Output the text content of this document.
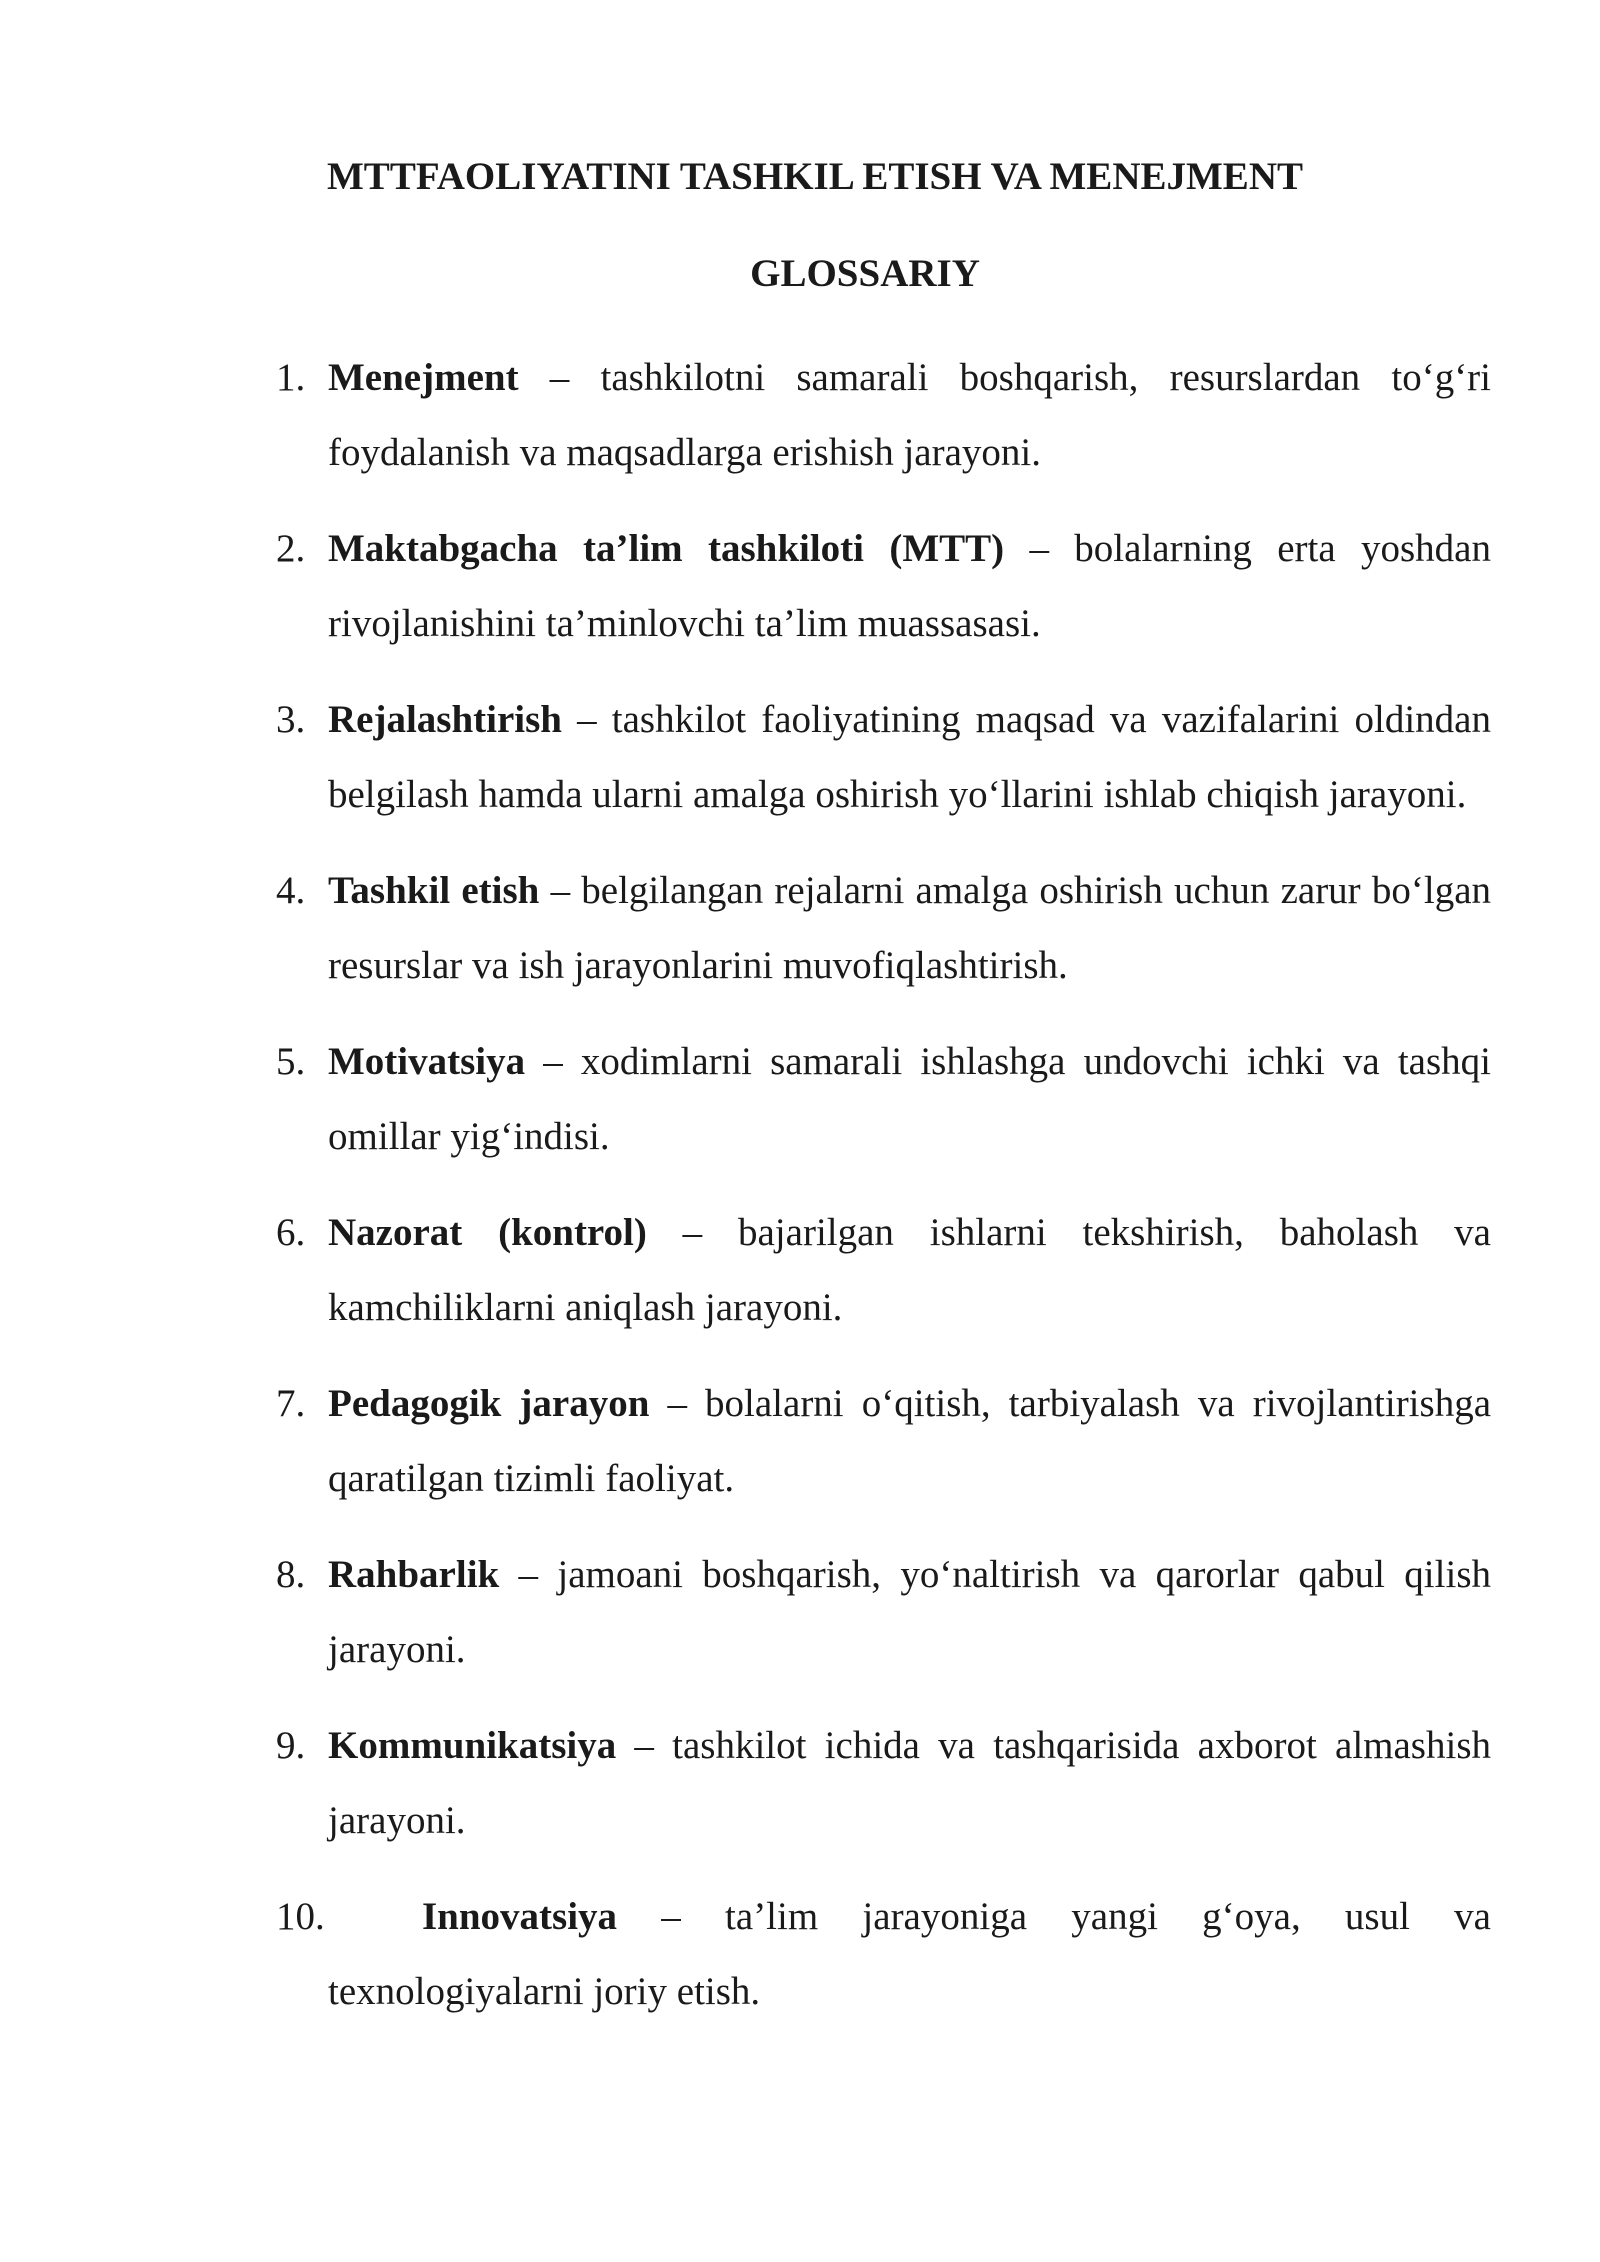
MTTFAOLIYATINI TASHKIL ETISH VA MENEJMENT
GLOSSARIY
1. Menejment – tashkilotni samarali boshqarish, resurslardan to‘g‘ri foydalanish va maqsadlarga erishish jarayoni.
2. Maktabgacha ta’lim tashkiloti (MTT) – bolalarning erta yoshdan rivojlanishini ta’minlovchi ta’lim muassasasi.
3. Rejalashtirish – tashkilot faoliyatining maqsad va vazifalarini oldindan belgilash hamda ularni amalga oshirish yo‘llarini ishlab chiqish jarayoni.
4. Tashkil etish – belgilangan rejalarni amalga oshirish uchun zarur bo‘lgan resurslar va ish jarayonlarini muvofiqlashtirish.
5. Motivatsiya – xodimlarni samarali ishlashga undovchi ichki va tashqi omillar yig‘indisi.
6. Nazorat (kontrol) – bajarilgan ishlarni tekshirish, baholash va kamchiliklarni aniqlash jarayoni.
7. Pedagogik jarayon – bolalarni o‘qitish, tarbiyalash va rivojlantirishga qaratilgan tizimli faoliyat.
8. Rahbarlik – jamoani boshqarish, yo‘naltirish va qarorlar qabul qilish jarayoni.
9. Kommunikatsiya – tashkilot ichida va tashqarisida axborot almashish jarayoni.
10.	Innovatsiya – ta’lim jarayoniga yangi g‘oya, usul va texnologiyalarni joriy etish.
